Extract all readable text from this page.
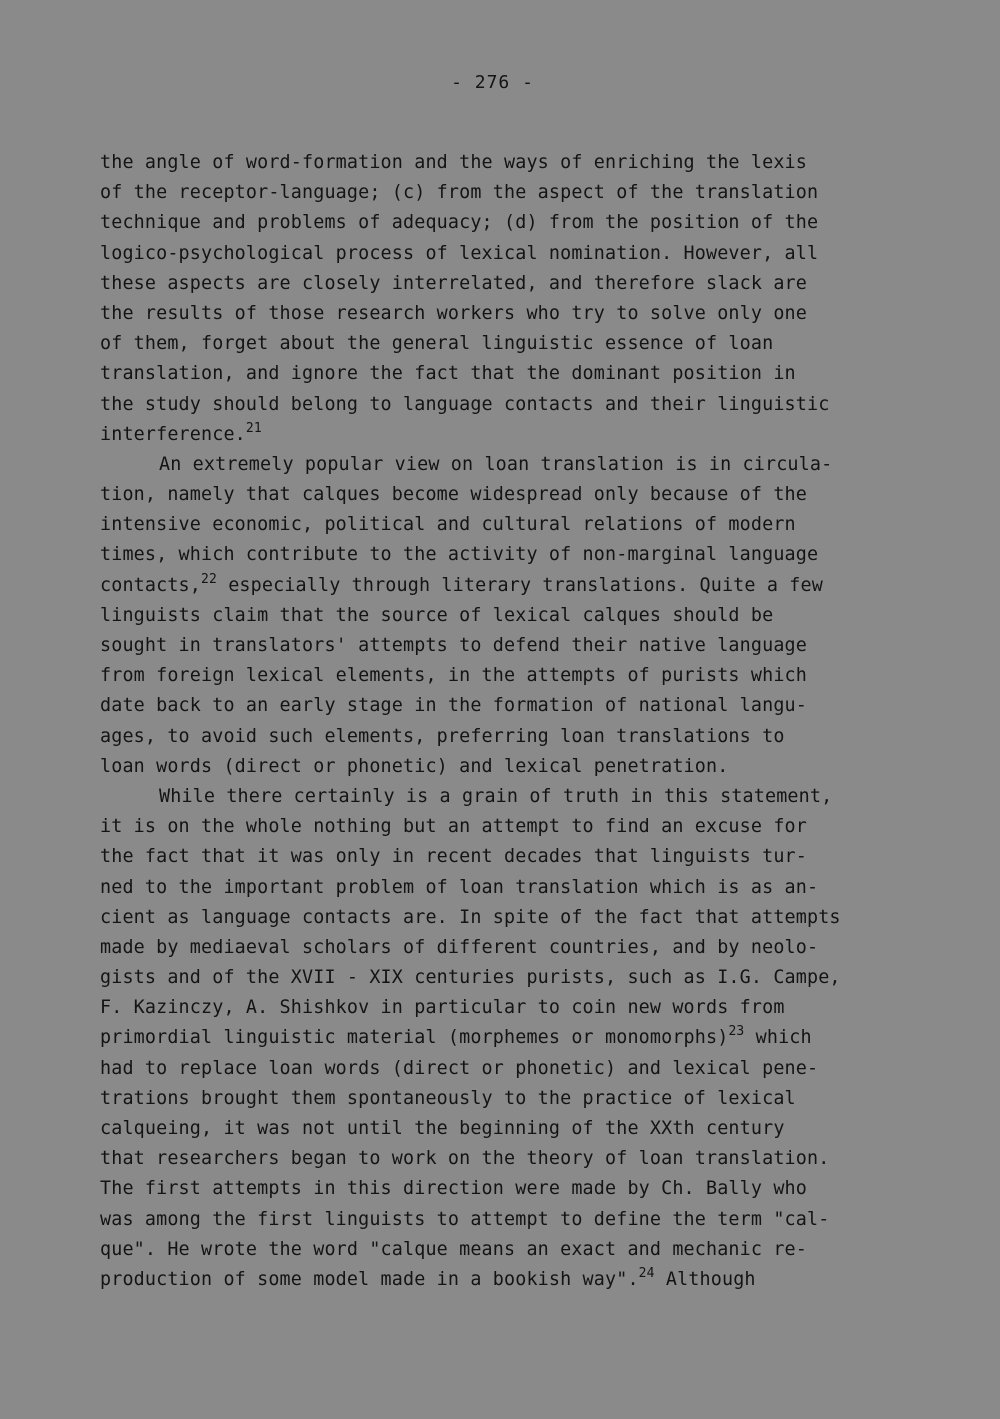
- 276 -
the angle of word-formation and the ways of enriching the lexis
of the receptor-language; (c) from the aspect of the translation
technique and problems of adequacy; (d) from the position of the
logico-psychological process of lexical nomination. However, all
these aspects are closely interrelated, and therefore slack are
the results of those research workers who try to solve only one
of them, forget about the general linguistic essence of loan
translation, and ignore the fact that the dominant position in
the study should belong to language contacts and their linguistic
interference.$^{21}$
An extremely popular view on loan translation is in circula-
tion, namely that calques become widespread only because of the
intensive economic, political and cultural relations of modern
times, which contribute to the activity of non-marginal language
contacts,$^{22}$ especially through literary translations. Quite a few
linguists claim that the source of lexical calques should be
sought in translators' attempts to defend their native language
from foreign lexical elements, in the attempts of purists which
date back to an early stage in the formation of national langu-
ages, to avoid such elements, preferring loan translations to
loan words (direct or phonetic) and lexical penetration.
While there certainly is a grain of truth in this statement,
it is on the whole nothing but an attempt to find an excuse for
the fact that it was only in recent decades that linguists tur-
ned to the important problem of loan translation which is as an-
cient as language contacts are. In spite of the fact that attempts
made by mediaeval scholars of different countries, and by neolo-
gists and of the XVII - XIX centuries purists, such as I.G. Campe,
F. Kazinczy, A. Shishkov in particular to coin new words from
primordial linguistic material (morphemes or monomorphs)$^{23}$ which
had to replace loan words (direct or phonetic) and lexical pene-
trations brought them spontaneously to the practice of lexical
calqueing, it was not until the beginning of the XXth century
that researchers began to work on the theory of loan translation.
The first attempts in this direction were made by Ch. Bally who
was among the first linguists to attempt to define the term "cal-
que". He wrote the word "calque means an exact and mechanic re-
production of some model made in a bookish way".$^{24}$ Although
